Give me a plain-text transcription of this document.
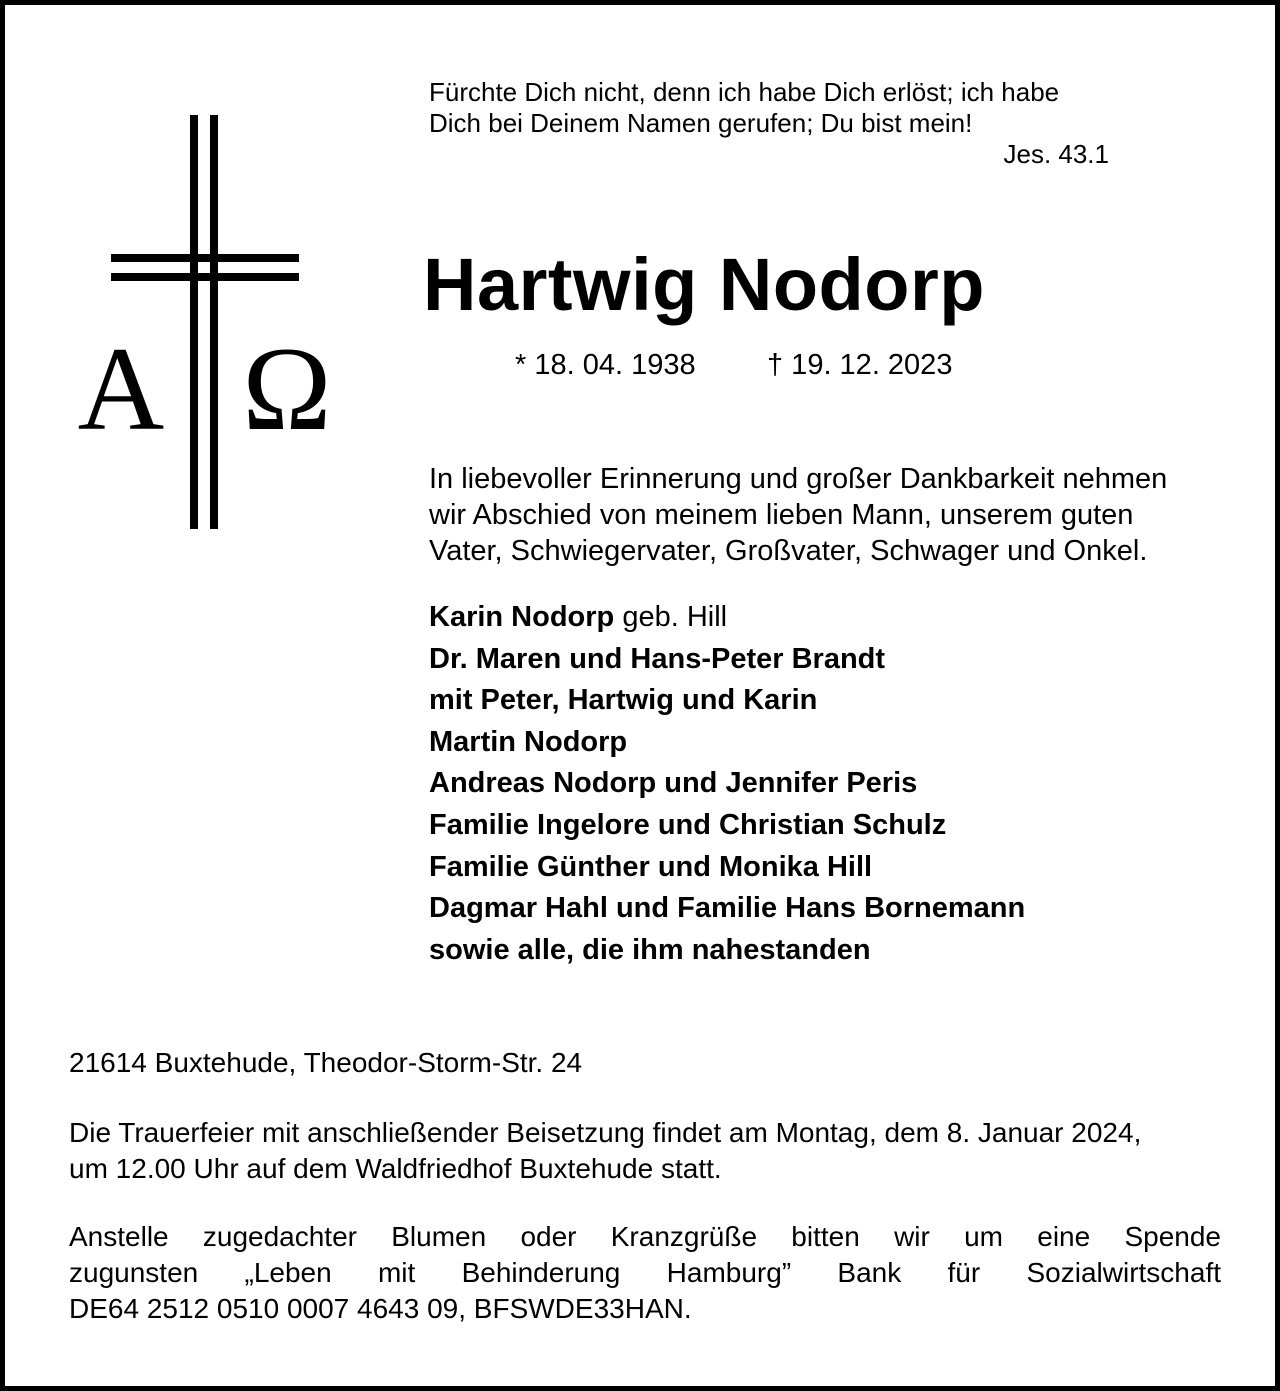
A Ω
Fürchte Dich nicht, denn ich habe Dich erlöst; ich habe
Dich bei Deinem Namen gerufen; Du bist mein!
Jes. 43.1
Hartwig Nodorp
* 18. 04. 1938 † 19. 12. 2023
In liebevoller Erinnerung und großer Dankbarkeit nehmen
wir Abschied von meinem lieben Mann, unserem guten
Vater, Schwiegervater, Großvater, Schwager und Onkel.
Karin Nodorp geb. Hill
Dr. Maren und Hans-Peter Brandt
mit Peter, Hartwig und Karin
Martin Nodorp
Andreas Nodorp und Jennifer Peris
Familie Ingelore und Christian Schulz
Familie Günther und Monika Hill
Dagmar Hahl und Familie Hans Bornemann
sowie alle, die ihm nahestanden
21614 Buxtehude, Theodor-Storm-Str. 24
Die Trauerfeier mit anschließender Beisetzung findet am Montag, dem 8. Januar 2024,
um 12.00 Uhr auf dem Waldfriedhof Buxtehude statt.
Anstelle zugedachter Blumen oder Kranzgrüße bitten wir um eine Spende
zugunsten „Leben mit Behinderung Hamburg” Bank für Sozialwirtschaft
DE64 2512 0510 0007 4643 09, BFSWDE33HAN.
